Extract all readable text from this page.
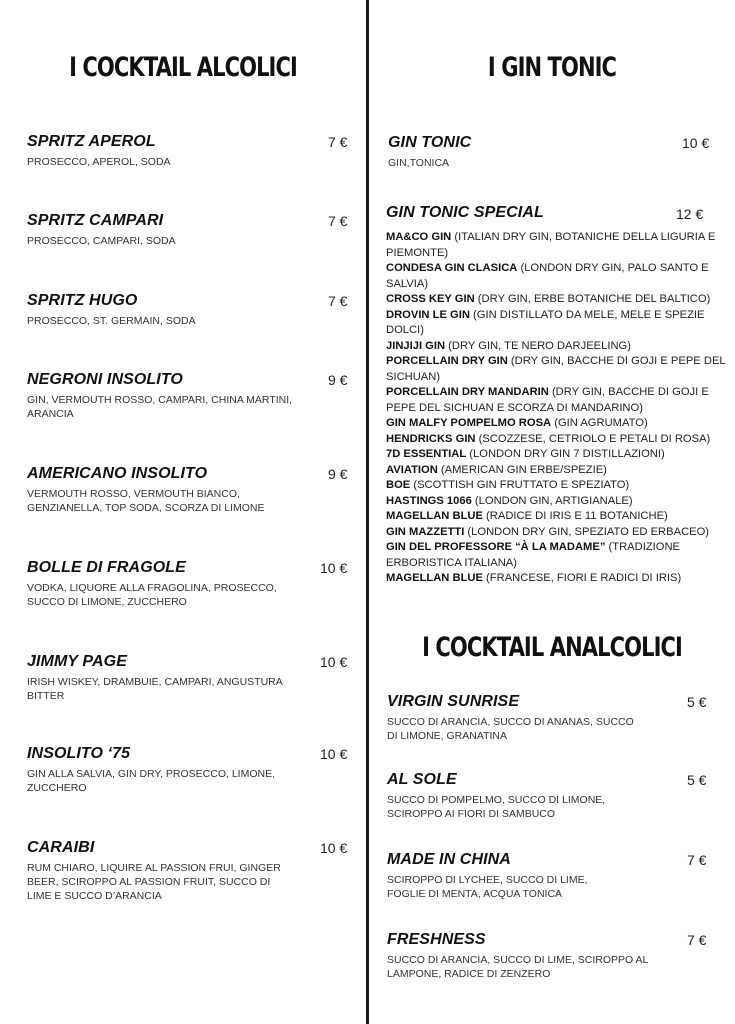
I COCKTAIL ALCOLICI
SPRITZ APEROL
PROSECCO, APEROL, SODA
7 €
SPRITZ CAMPARI
PROSECCO, CAMPARI, SODA
7 €
SPRITZ HUGO
PROSECCO, ST. GERMAIN, SODA
7 €
NEGRONI INSOLITO
GIN, VERMOUTH ROSSO, CAMPARI, CHINA MARTINI, ARANCIA
9 €
AMERICANO INSOLITO
VERMOUTH ROSSO, VERMOUTH BIANCO, GENZIANELLA, TOP SODA, SCORZA DI LIMONE
9 €
BOLLE DI FRAGOLE
VODKA, LIQUORE ALLA FRAGOLINA, PROSECCO, SUCCO DI LIMONE, ZUCCHERO
10 €
JIMMY PAGE
IRISH WISKEY, DRAMBUIE, CAMPARI, ANGUSTURA BITTER
10 €
INSOLITO ‘75
GIN ALLA SALVIA, GIN DRY, PROSECCO, LIMONE, ZUCCHERO
10 €
CARAIBI
RUM CHIARO, LIQUIRE AL PASSION FRUI, GINGER BEER, SCIROPPO AL PASSION FRUIT, SUCCO DI LIME E SUCCO D’ARANCIA
10 €
I GIN TONIC
GIN TONIC
GIN,TONICA
10 €
GIN TONIC SPECIAL	12 €
MA&CO GIN (ITALIAN DRY GIN, BOTANICHE DELLA LIGURIA E PIEMONTE)
CONDESA GIN CLASICA (LONDON DRY GIN, PALO SANTO E SALVIA)
CROSS KEY GIN (DRY GIN, ERBE BOTANICHE DEL BALTICO)
DROVIN LE GIN (GIN DISTILLATO DA MELE, MELE E SPEZIE DOLCI)
JINJIJI GIN (DRY GIN, TE NERO DARJEELING)
PORCELLAIN DRY GIN (DRY GIN, BACCHE DI GOJI E PEPE DEL SICHUAN)
PORCELLAIN DRY MANDARIN (DRY GIN, BACCHE DI GOJI E PEPE DEL SICHUAN E SCORZA DI MANDARINO)
GIN MALFY POMPELMO ROSA (GIN AGRUMATO)
HENDRICKS GIN (SCOZZESE, CETRIOLO E PETALI DI ROSA)
7D ESSENTIAL (LONDON DRY GIN 7 DISTILLAZIONI)
AVIATION (AMERICAN GIN ERBE/SPEZIE)
BOE (SCOTTISH GIN FRUTTATO E SPEZIATO)
HASTINGS 1066 (LONDON GIN, ARTIGIANALE)
MAGELLAN BLUE (RADICE DI IRIS E 11 BOTANICHE)
GIN MAZZETTI (LONDON DRY GIN, SPEZIATO ED ERBACEO)
GIN DEL PROFESSORE “À LA MADAME” (TRADIZIONE ERBORISTICA ITALIANA)
MAGELLAN BLUE (FRANCESE, FIORI E RADICI DI IRIS)
I COCKTAIL ANALCOLICI
VIRGIN SUNRISE
SUCCO DI ARANCIA, SUCCO DI ANANAS, SUCCO DI LIMONE, GRANATINA
5 €
AL SOLE
SUCCO DI POMPELMO, SUCCO DI LIMONE, SCIROPPO AI FIORI DI SAMBUCO
5 €
MADE IN CHINA
SCIROPPO DI LYCHEE, SUCCO DI LIME, FOGLIE DI MENTA, ACQUA TONICA
7 €
FRESHNESS
SUCCO DI ARANCIA, SUCCO DI LIME, SCIROPPO AL LAMPONE, RADICE DI ZENZERO
7 €
